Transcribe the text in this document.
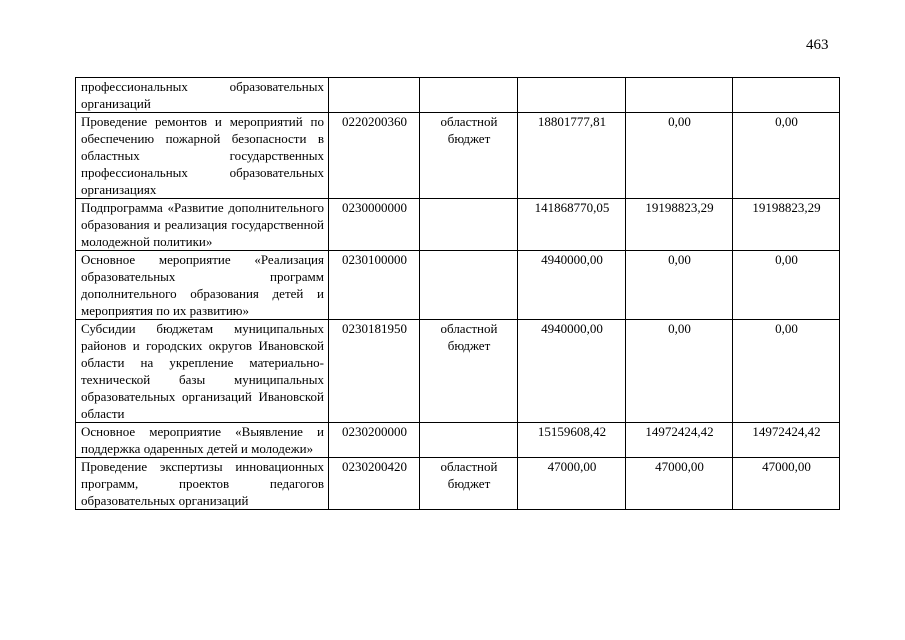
463
профессиональных образовательных организаций					
Проведение ремонтов и мероприятий по обеспечению пожарной безопасности в областных государственных профессиональных образовательных организациях	0220200360	областной бюджет	18801777,81	0,00	0,00
Подпрограмма «Развитие дополнительного образования и реализация государственной молодежной политики»	0230000000		141868770,05	19198823,29	19198823,29
Основное мероприятие «Реализация образовательных программ дополнительного образования детей и мероприятия по их развитию»	0230100000		4940000,00	0,00	0,00
Субсидии бюджетам муниципальных районов и городских округов Ивановской области на укрепление материально-технической базы муниципальных образовательных организаций Ивановской области	0230181950	областной бюджет	4940000,00	0,00	0,00
Основное мероприятие «Выявление и поддержка одаренных детей и молодежи»	0230200000		15159608,42	14972424,42	14972424,42
Проведение экспертизы инновационных программ, проектов педагогов образовательных организаций	0230200420	областной бюджет	47000,00	47000,00	47000,00
